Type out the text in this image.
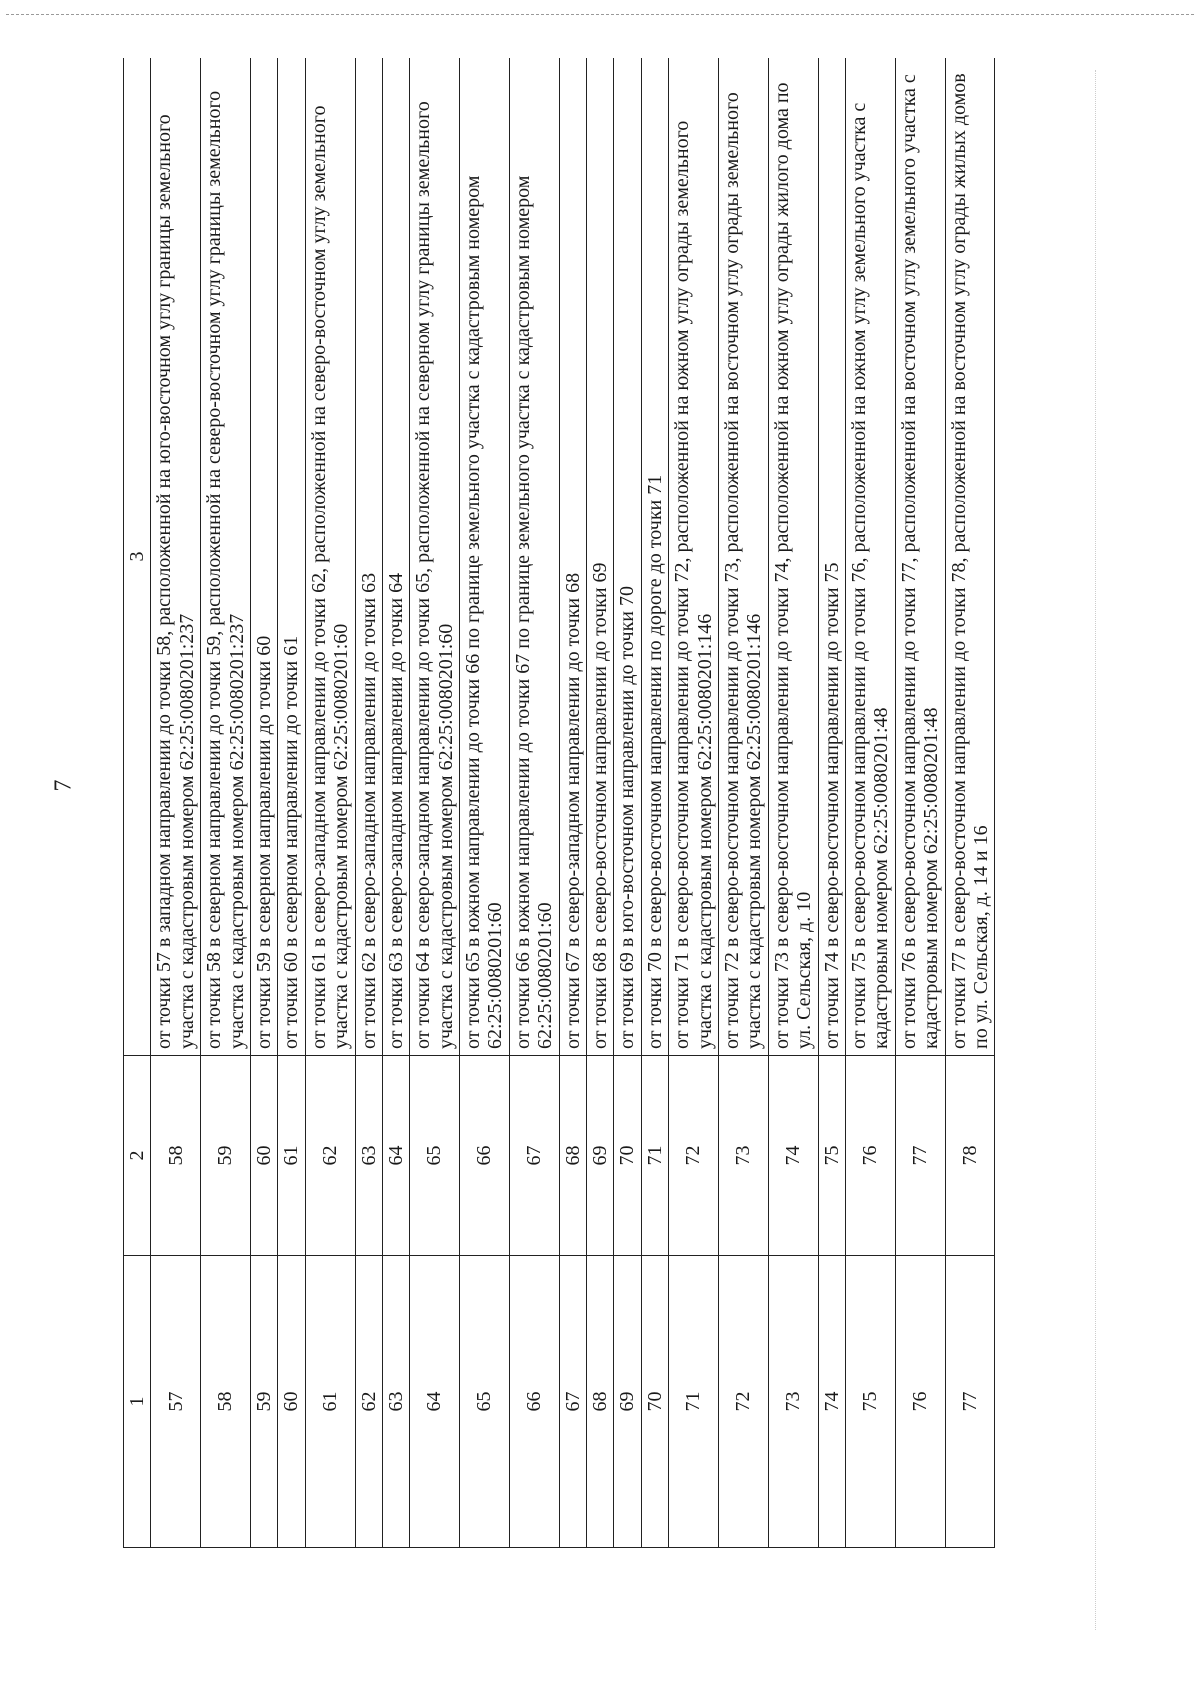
7
1	2	3
57	58	от точки 57 в западном направлении до точки 58, расположенной на юго-восточном углу границы земельного участка с кадастровым номером 62:25:0080201:237
58	59	от точки 58 в северном направлении до точки 59, расположенной на северо-восточном углу границы земельного участка с кадастровым номером 62:25:0080201:237
59	60	от точки 59 в северном направлении до точки 60
60	61	от точки 60 в северном направлении до точки 61
61	62	от точки 61 в северо-западном направлении до точки 62, расположенной на северо-восточном углу земельного участка с кадастровым номером 62:25:0080201:60
62	63	от точки 62 в северо-западном направлении до точки 63
63	64	от точки 63 в северо-западном направлении до точки 64
64	65	от точки 64 в северо-западном направлении до точки 65, расположенной на северном углу границы земельного участка с кадастровым номером 62:25:0080201:60
65	66	от точки 65 в южном направлении до точки 66 по границе земельного участка с кадастровым номером 62:25:0080201:60
66	67	от точки 66 в южном направлении до точки 67 по границе земельного участка с кадастровым номером 62:25:0080201:60
67	68	от точки 67 в северо-западном направлении до точки 68
68	69	от точки 68 в северо-восточном направлении до точки 69
69	70	от точки 69 в юго-восточном направлении до точки 70
70	71	от точки 70 в северо-восточном направлении по дороге до точки 71
71	72	от точки 71 в северо-восточном направлении до точки 72, расположенной на южном углу ограды земельного участка с кадастровым номером 62:25:0080201:146
72	73	от точки 72 в северо-восточном направлении до точки 73, расположенной на восточном углу ограды земельного участка с кадастровым номером 62:25:0080201:146
73	74	от точки 73 в северо-восточном направлении до точки 74, расположенной на южном углу ограды жилого дома по ул. Сельская, д. 10
74	75	от точки 74 в северо-восточном направлении до точки 75
75	76	от точки 75 в северо-восточном направлении до точки 76, расположенной на южном углу земельного участка с кадастровым номером 62:25:0080201:48
76	77	от точки 76 в северо-восточном направлении до точки 77, расположенной на восточном углу земельного участка с кадастровым номером 62:25:0080201:48
77	78	от точки 77 в северо-восточном направлении до точки 78, расположенной на восточном углу ограды жилых домов по ул. Сельская, д. 14 и 16
